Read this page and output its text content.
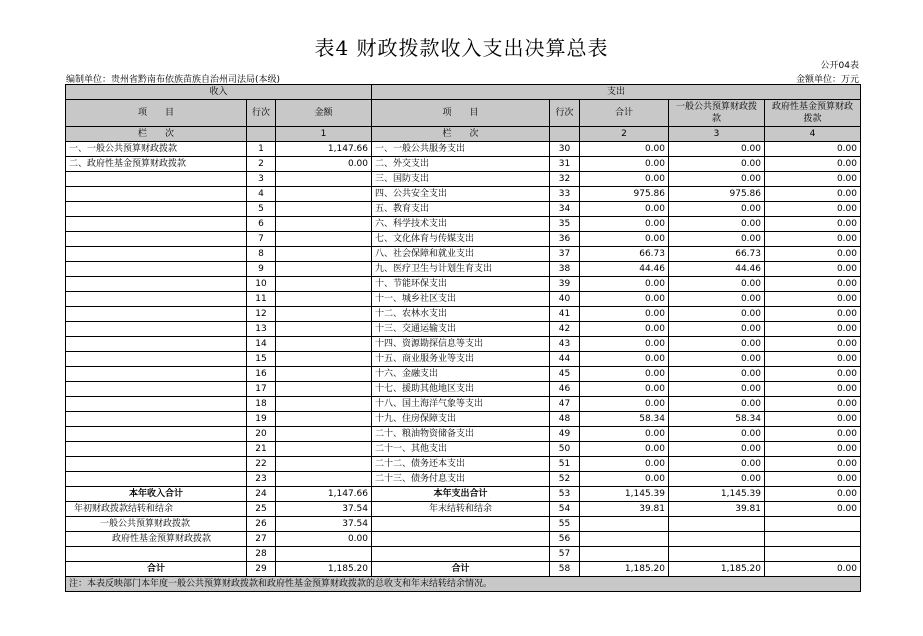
表4 财政拨款收入支出决算总表
公开04表
编制单位：贵州省黔南布依族苗族自治州司法局(本级)	金额单位：万元
收入			支出				
项　　目	行次	金额	项　　目	行次	合计	一般公共预算财政拨款	政府性基金预算财政拨款
栏　　次		1	栏　　次		2	3	4
一、一般公共预算财政拨款	1	1,147.66	一、一般公共服务支出	30	0.00	0.00	0.00
二、政府性基金预算财政拨款	2	0.00	二、外交支出	31	0.00	0.00	0.00
	3		三、国防支出	32	0.00	0.00	0.00
	4		四、公共安全支出	33	975.86	975.86	0.00
	5		五、教育支出	34	0.00	0.00	0.00
	6		六、科学技术支出	35	0.00	0.00	0.00
	7		七、文化体育与传媒支出	36	0.00	0.00	0.00
	8		八、社会保障和就业支出	37	66.73	66.73	0.00
	9		九、医疗卫生与计划生育支出	38	44.46	44.46	0.00
	10		十、节能环保支出	39	0.00	0.00	0.00
	11		十一、城乡社区支出	40	0.00	0.00	0.00
	12		十二、农林水支出	41	0.00	0.00	0.00
	13		十三、交通运输支出	42	0.00	0.00	0.00
	14		十四、资源勘探信息等支出	43	0.00	0.00	0.00
	15		十五、商业服务业等支出	44	0.00	0.00	0.00
	16		十六、金融支出	45	0.00	0.00	0.00
	17		十七、援助其他地区支出	46	0.00	0.00	0.00
	18		十八、国土海洋气象等支出	47	0.00	0.00	0.00
	19		十九、住房保障支出	48	58.34	58.34	0.00
	20		二十、粮油物资储备支出	49	0.00	0.00	0.00
	21		二十一、其他支出	50	0.00	0.00	0.00
	22		二十二、债务还本支出	51	0.00	0.00	0.00
	23		二十三、债务付息支出	52	0.00	0.00	0.00
本年收入合计	24	1,147.66	本年支出合计	53	1,145.39	1,145.39	0.00
年初财政拨款结转和结余	25	37.54	年末结转和结余	54	39.81	39.81	0.00
一般公共预算财政拨款	26	37.54		55			
政府性基金预算财政拨款	27	0.00		56			
	28			57			
合计	29	1,185.20	合计	58	1,185.20	1,185.20	0.00
注：本表反映部门本年度一般公共预算财政拨款和政府性基金预算财政拨款的总收支和年末结转结余情况。							
